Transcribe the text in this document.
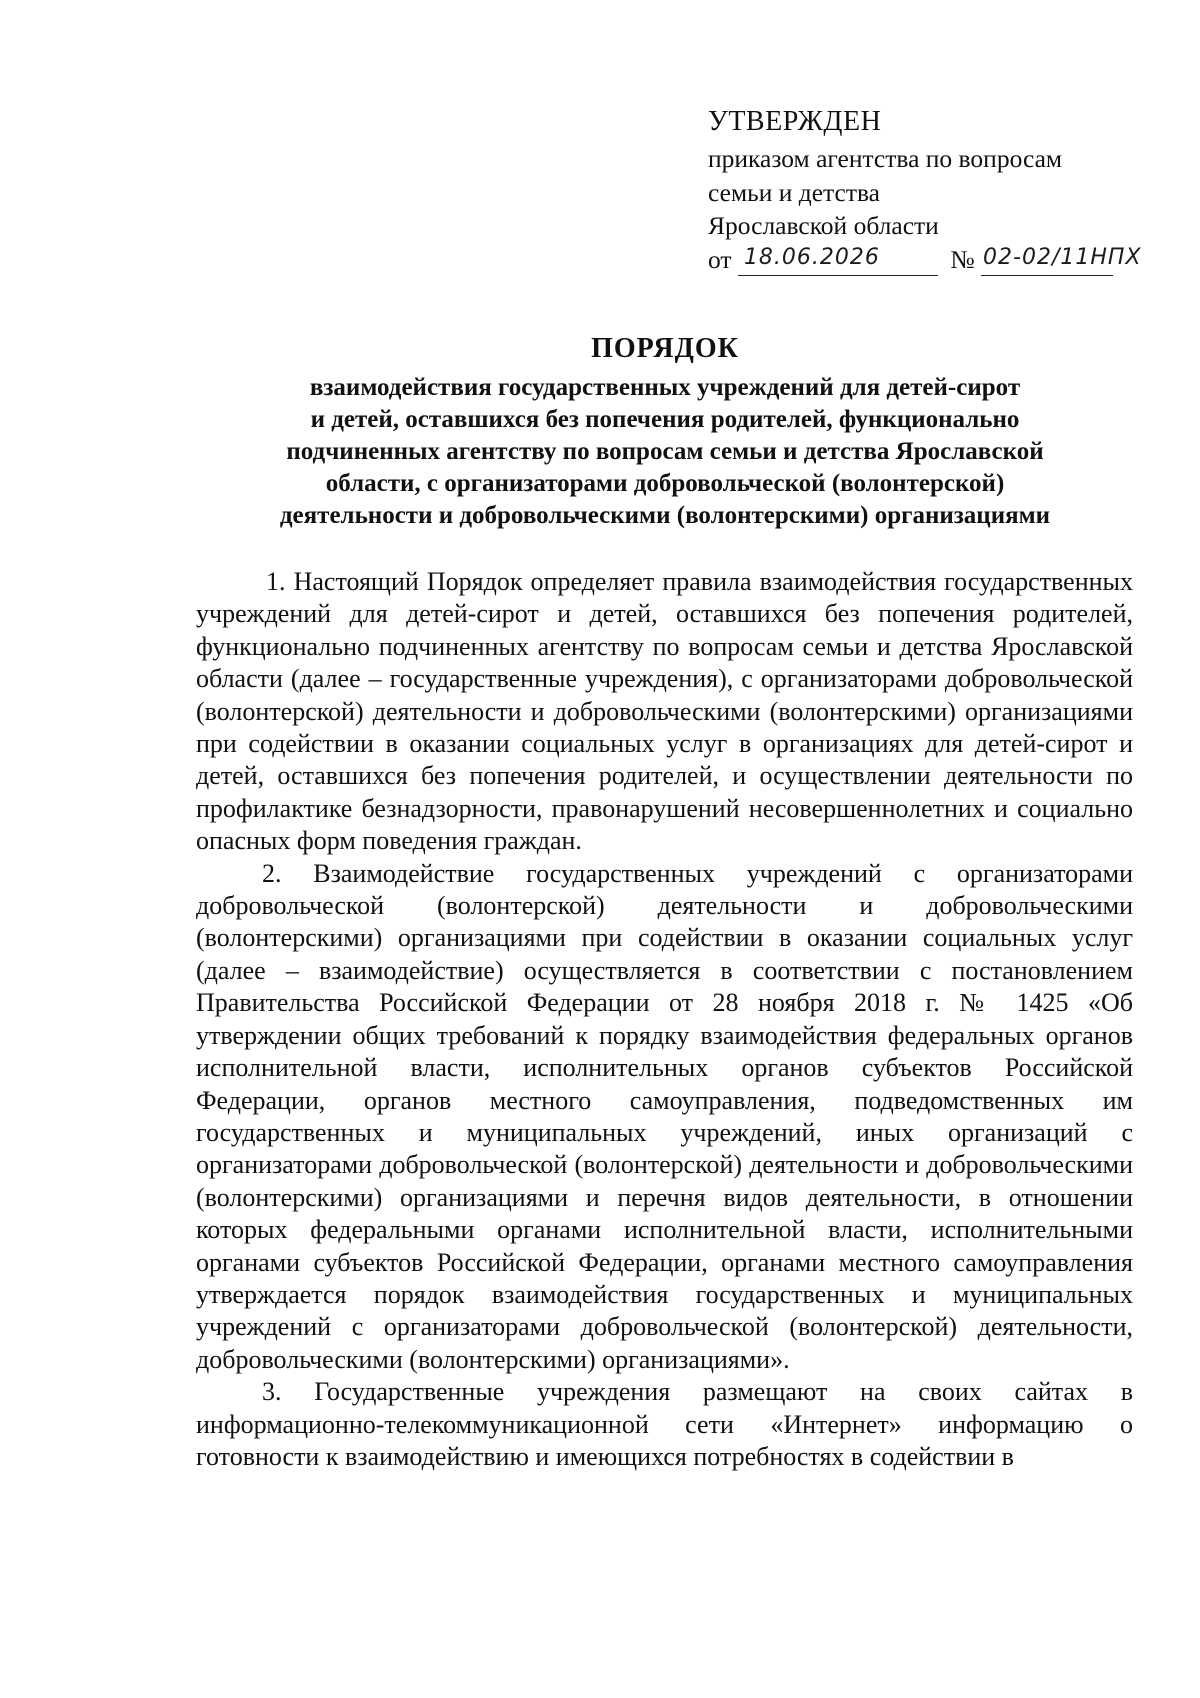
УТВЕРЖДЕН
приказом агентства по вопросам
семьи и детства
Ярославской области
от 18.06.2026	№ 02-02/11НПХ
ПОРЯДОК
взаимодействия государственных учреждений для детей-сирот
и детей, оставшихся без попечения родителей, функционально
подчиненных агентству по вопросам семьи и детства Ярославской
области, с организаторами добровольческой (волонтерской)
деятельности и добровольческими (волонтерскими) организациями

1. Настоящий Порядок определяет правила взаимодействия государственных учреждений для детей-сирот и детей, оставшихся без попечения родителей, функционально подчиненных агентству по вопросам семьи и детства Ярославской области (далее – государственные учреждения), с организаторами добровольческой (волонтерской) деятельности и добровольческими (волонтерскими) организациями при содействии в оказании социальных услуг в организациях для детей-сирот и детей, оставшихся без попечения родителей, и осуществлении деятельности по профилактике безнадзорности, правонарушений несовершеннолетних и социально опасных форм поведения граждан.

2. Взаимодействие государственных учреждений с организаторами добровольческой (волонтерской) деятельности и добровольческими (волонтерскими) организациями при содействии в оказании социальных услуг (далее – взаимодействие) осуществляется в соответствии с постановлением Правительства Российской Федерации от 28 ноября 2018 г. № 1425 «Об утверждении общих требований к порядку взаимодействия федеральных органов исполнительной власти, исполнительных органов субъектов Российской Федерации, органов местного самоуправления, подведомственных им государственных и муниципальных учреждений, иных организаций с организаторами добровольческой (волонтерской) деятельности и добровольческими (волонтерскими) организациями и перечня видов деятельности, в отношении которых федеральными органами исполнительной власти, исполнительными органами субъектов Российской Федерации, органами местного самоуправления утверждается порядок взаимодействия государственных и муниципальных учреждений с организаторами добровольческой (волонтерской) деятельности, добровольческими (волонтерскими) организациями».

3. Государственные учреждения размещают на своих сайтах в информационно-телекоммуникационной сети «Интернет» информацию о готовности к взаимодействию и имеющихся потребностях в содействии в
